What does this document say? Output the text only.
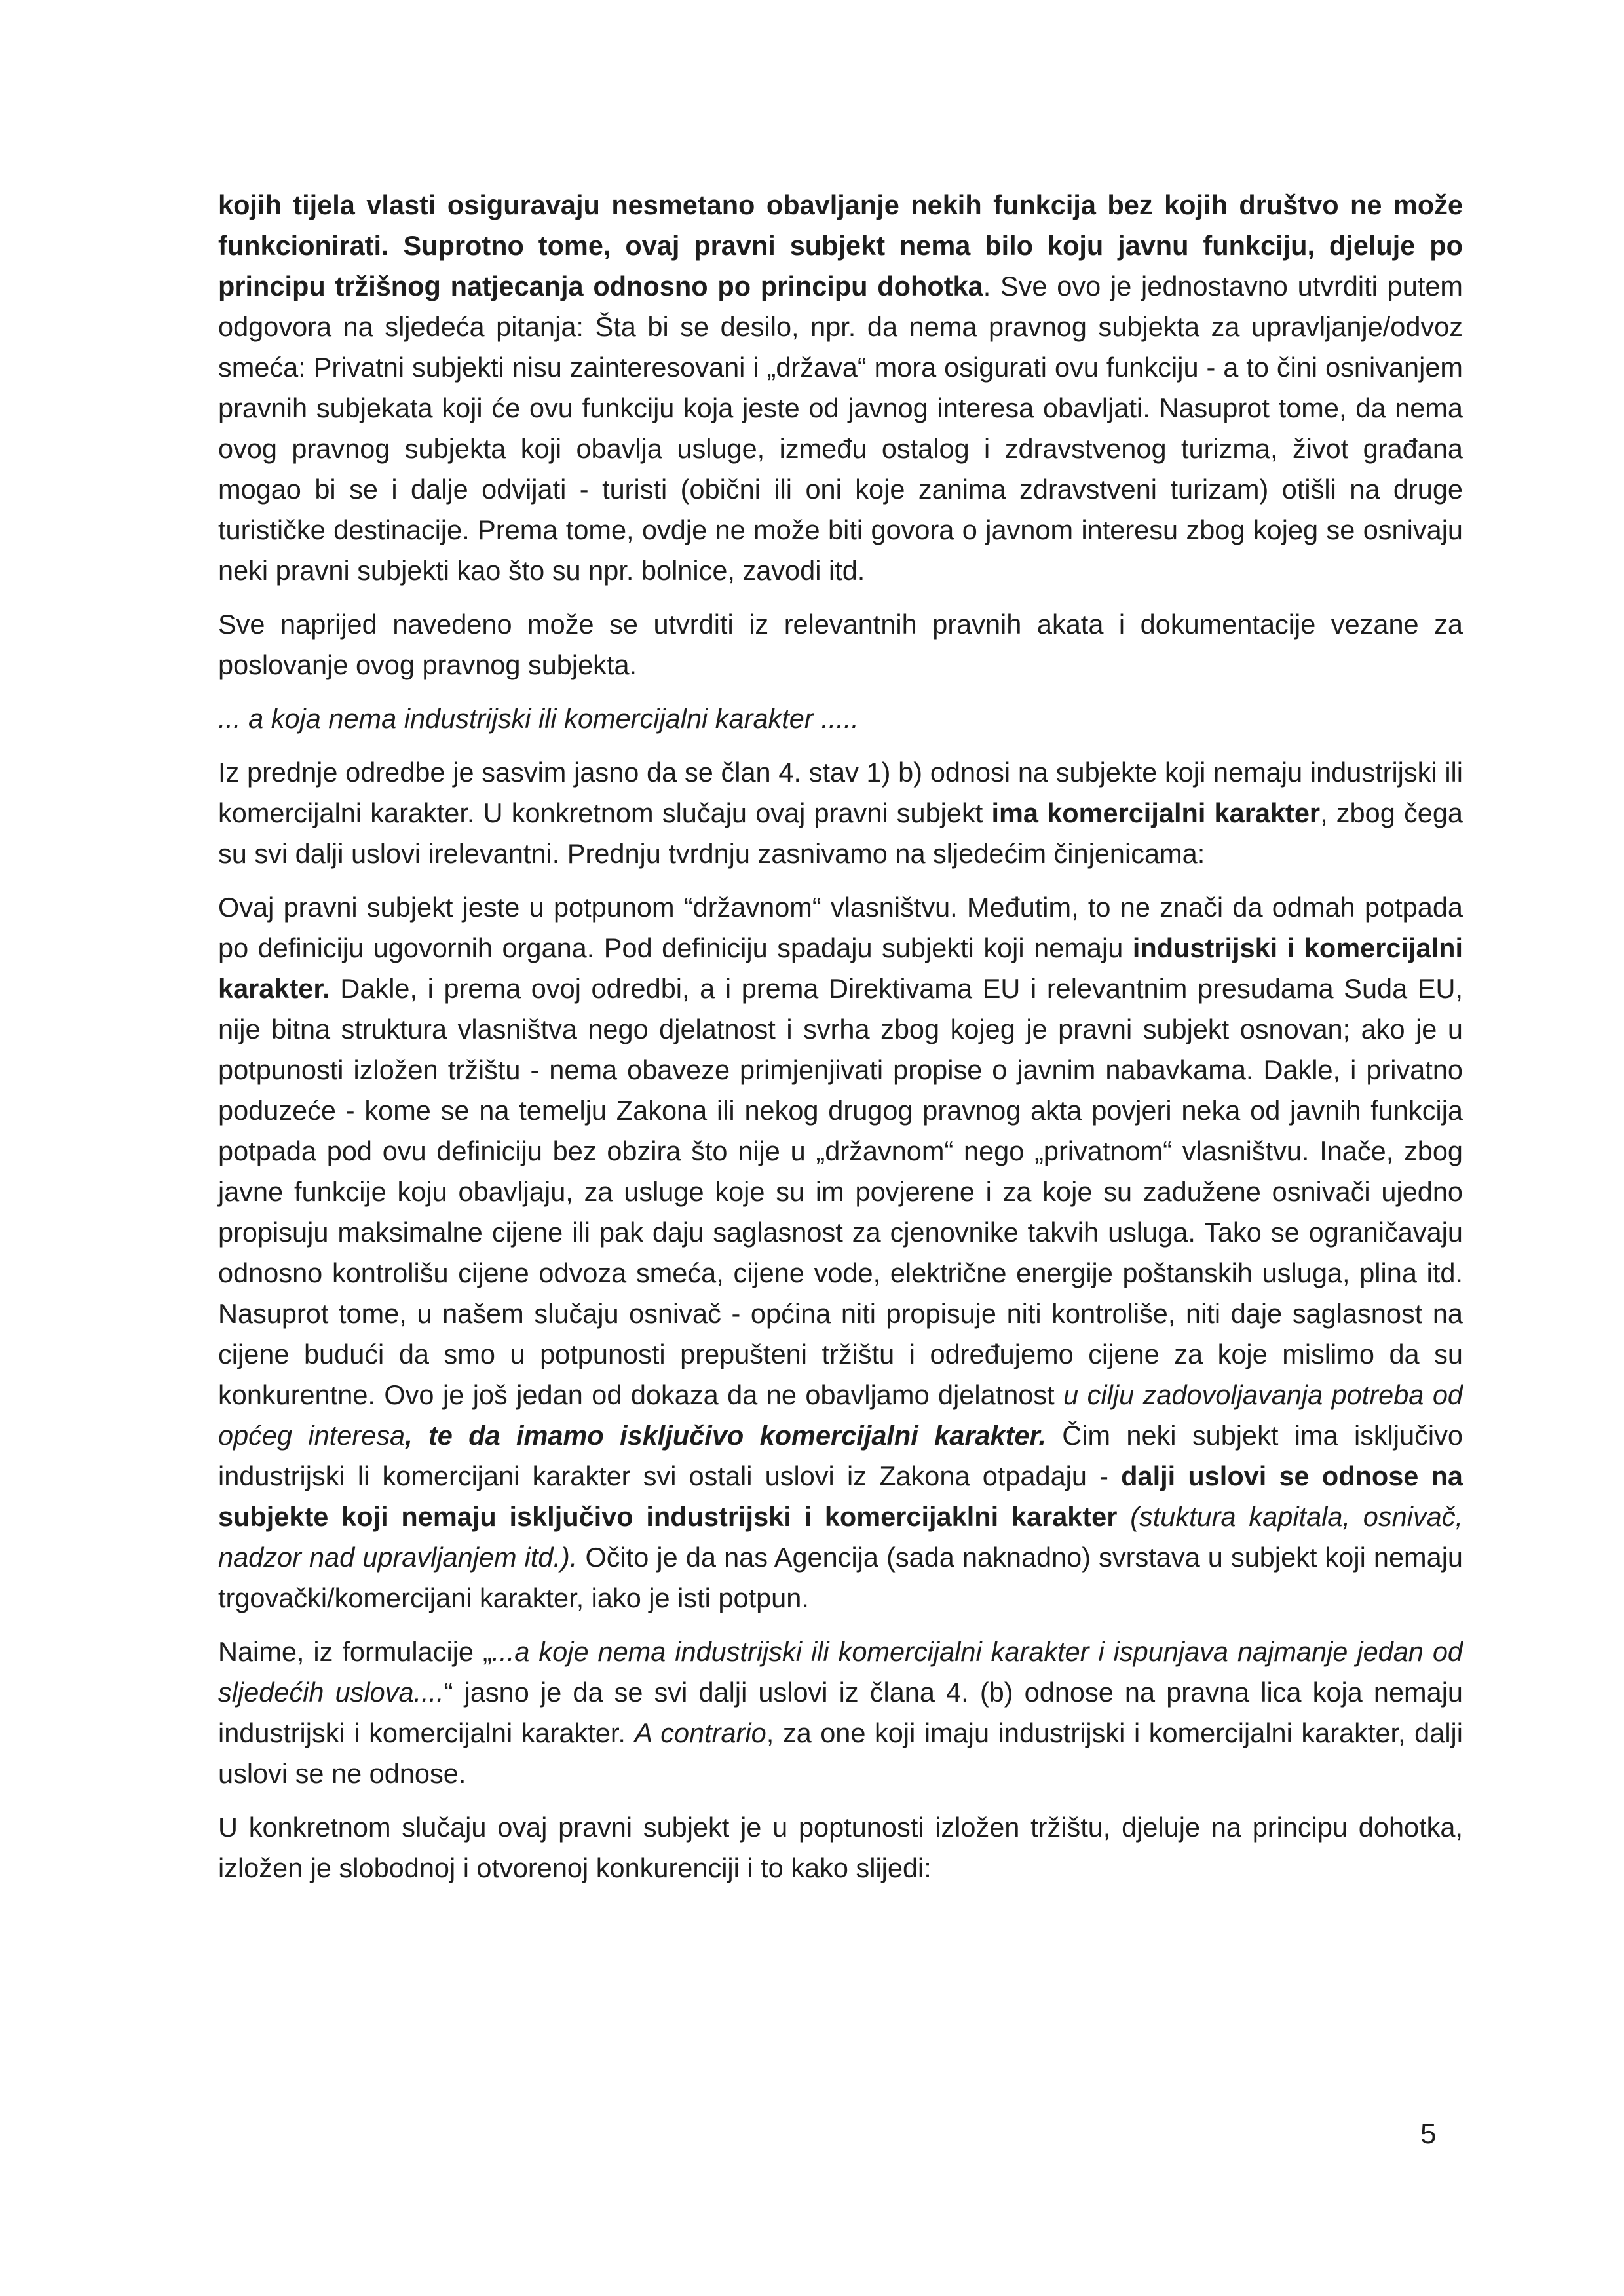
kojih tijela vlasti osiguravaju nesmetano obavljanje nekih funkcija bez kojih društvo ne može funkcionirati. Suprotno tome, ovaj pravni subjekt nema bilo koju javnu funkciju, djeluje po principu tržišnog natjecanja odnosno po principu dohotka. Sve ovo je jednostavno utvrditi putem odgovora na sljedeća pitanja: Šta bi se desilo, npr. da nema pravnog subjekta za upravljanje/odvoz smeća: Privatni subjekti nisu zainteresovani i „država“ mora osigurati ovu funkciju - a to čini osnivanjem pravnih subjekata koji će ovu funkciju koja jeste od javnog interesa obavljati. Nasuprot tome, da nema ovog pravnog subjekta koji obavlja usluge, između ostalog i zdravstvenog turizma, život građana mogao bi se i dalje odvijati - turisti (obični ili oni koje zanima zdravstveni turizam) otišli na druge turističke destinacije. Prema tome, ovdje ne može biti govora o javnom interesu zbog kojeg se osnivaju neki pravni subjekti kao što su npr. bolnice, zavodi itd.

Sve naprijed navedeno može se utvrditi iz relevantnih pravnih akata i dokumentacije vezane za poslovanje ovog pravnog subjekta.

... a koja nema industrijski ili komercijalni karakter .....

Iz prednje odredbe je sasvim jasno da se član 4. stav 1) b) odnosi na subjekte koji nemaju industrijski ili komercijalni karakter. U konkretnom slučaju ovaj pravni subjekt ima komercijalni karakter, zbog čega su svi dalji uslovi irelevantni. Prednju tvrdnju zasnivamo na sljedećim činjenicama:

Ovaj pravni subjekt jeste u potpunom “državnom“ vlasništvu. Međutim, to ne znači da odmah potpada po definiciju ugovornih organa. Pod definiciju spadaju subjekti koji nemaju industrijski i komercijalni karakter. Dakle, i prema ovoj odredbi, a i prema Direktivama EU i relevantnim presudama Suda EU, nije bitna struktura vlasništva nego djelatnost i svrha zbog kojeg je pravni subjekt osnovan; ako je u potpunosti izložen tržištu - nema obaveze primjenjivati propise o javnim nabavkama. Dakle, i privatno poduzeće - kome se na temelju Zakona ili nekog drugog pravnog akta povjeri neka od javnih funkcija potpada pod ovu definiciju bez obzira što nije u „državnom“ nego „privatnom“ vlasništvu. Inače, zbog javne funkcije koju obavljaju, za usluge koje su im povjerene i za koje su zadužene osnivači ujedno propisuju maksimalne cijene ili pak daju saglasnost za cjenovnike takvih usluga. Tako se ograničavaju odnosno kontrolišu cijene odvoza smeća, cijene vode, električne energije poštanskih usluga, plina itd. Nasuprot tome, u našem slučaju osnivač - općina niti propisuje niti kontroliše, niti daje saglasnost na cijene budući da smo u potpunosti prepušteni tržištu i određujemo cijene za koje mislimo da su konkurentne. Ovo je još jedan od dokaza da ne obavljamo djelatnost u cilju zadovoljavanja potreba od općeg interesa, te da imamo isključivo komercijalni karakter. Čim neki subjekt ima isključivo industrijski li komercijani karakter svi ostali uslovi iz Zakona otpadaju - dalji uslovi se odnose na subjekte koji nemaju isključivo industrijski i komercijaklni karakter (stuktura kapitala, osnivač, nadzor nad upravljanjem itd.). Očito je da nas Agencija (sada naknadno) svrstava u subjekt koji nemaju trgovački/komercijani karakter, iako je isti potpun.

Naime, iz formulacije „...a koje nema industrijski ili komercijalni karakter i ispunjava najmanje jedan od sljedećih uslova....“ jasno je da se svi dalji uslovi iz člana 4. (b) odnose na pravna lica koja nemaju industrijski i komercijalni karakter. A contrario, za one koji imaju industrijski i komercijalni karakter, dalji uslovi se ne odnose.

U konkretnom slučaju ovaj pravni subjekt je u poptunosti izložen tržištu, djeluje na principu dohotka, izložen je slobodnoj i otvorenoj konkurenciji i to kako slijedi:

5
